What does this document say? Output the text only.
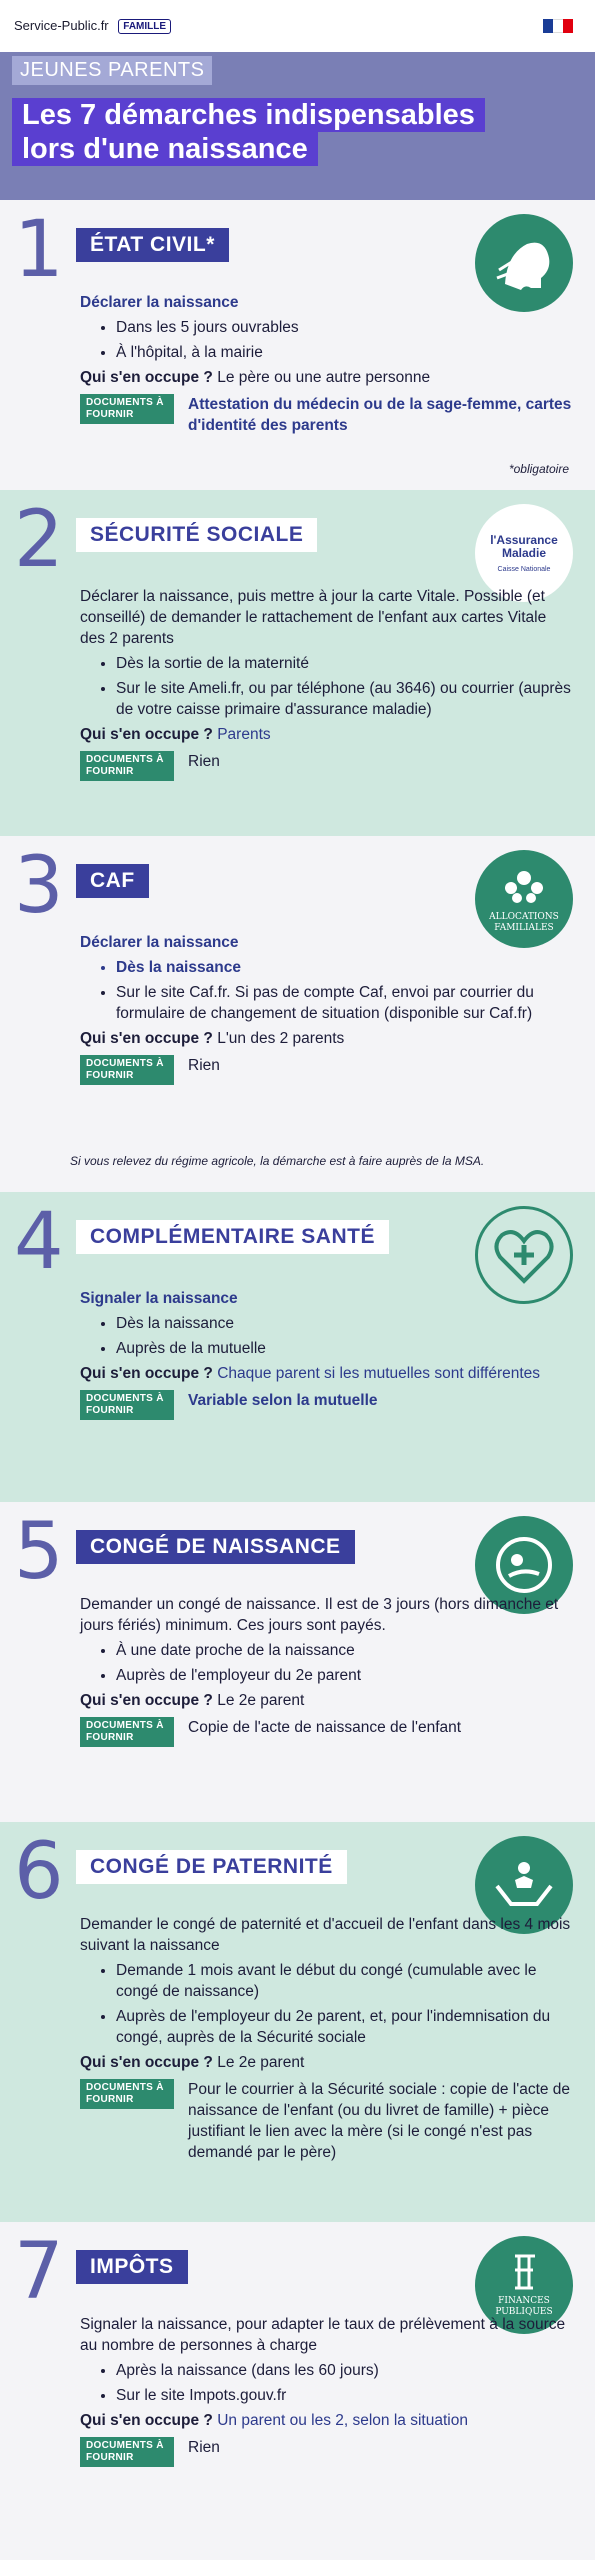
Service-Public.fr FAMILLE
JEUNES PARENTS
Les 7 démarches indispensables
lors d'une naissance
1	ÉTAT CIVIL*

Déclarer la naissance

• Dans les 5 jours ouvrables
• À l'hôpital, à la mairie

Qui s'en occupe ? Le père ou une autre personne

DOCUMENTS À FOURNIR
Attestation du médecin ou de la sage-femme, cartes d'identité des parents
*obligatoire
2	SÉCURITÉ SOCIALE	l'Assurance Maladie
Caisse Nationale

Déclarer la naissance, puis mettre à jour la carte Vitale. Possible (et conseillé) de demander le rattachement de l'enfant aux cartes Vitale des 2 parents

• Dès la sortie de la maternité
• Sur le site Ameli.fr, ou par téléphone (au 3646) ou courrier (auprès de votre caisse primaire d'assurance maladie)

Qui s'en occupe ? Parents

DOCUMENTS À FOURNIR
Rien
3	CAF
ALLOCATIONS FAMILIALES

Déclarer la naissance

• Dès la naissance
• Sur le site Caf.fr. Si pas de compte Caf, envoi par courrier du formulaire de changement de situation (disponible sur Caf.fr)

Qui s'en occupe ? L'un des 2 parents

DOCUMENTS À FOURNIR
Rien
Si vous relevez du régime agricole, la démarche est à faire auprès de la MSA.
4	COMPLÉMENTAIRE SANTÉ

Signaler la naissance

• Dès la naissance
• Auprès de la mutuelle

Qui s'en occupe ? Chaque parent si les mutuelles sont différentes

DOCUMENTS À FOURNIR
Variable selon la mutuelle
5	CONGÉ DE NAISSANCE

Demander un congé de naissance. Il est de 3 jours (hors dimanche et jours fériés) minimum. Ces jours sont payés.

• À une date proche de la naissance
• Auprès de l'employeur du 2e parent

Qui s'en occupe ? Le 2e parent

DOCUMENTS À FOURNIR
Copie de l'acte de naissance de l'enfant
6	CONGÉ DE PATERNITÉ

Demander le congé de paternité et d'accueil de l'enfant dans les 4 mois suivant la naissance

• Demande 1 mois avant le début du congé (cumulable avec le congé de naissance)
• Auprès de l'employeur du 2e parent, et, pour l'indemnisation du congé, auprès de la Sécurité sociale

Qui s'en occupe ? Le 2e parent

DOCUMENTS À FOURNIR
Pour le courrier à la Sécurité sociale : copie de l'acte de naissance de l'enfant (ou du livret de famille) + pièce justifiant le lien avec la mère (si le congé n'est pas demandé par le père)
7	IMPÔTS
FINANCES PUBLIQUES

Signaler la naissance, pour adapter le taux de prélèvement à la source au nombre de personnes à charge

• Après la naissance (dans les 60 jours)
• Sur le site Impots.gouv.fr

Qui s'en occupe ? Un parent ou les 2, selon la situation

DOCUMENTS À FOURNIR
Rien
